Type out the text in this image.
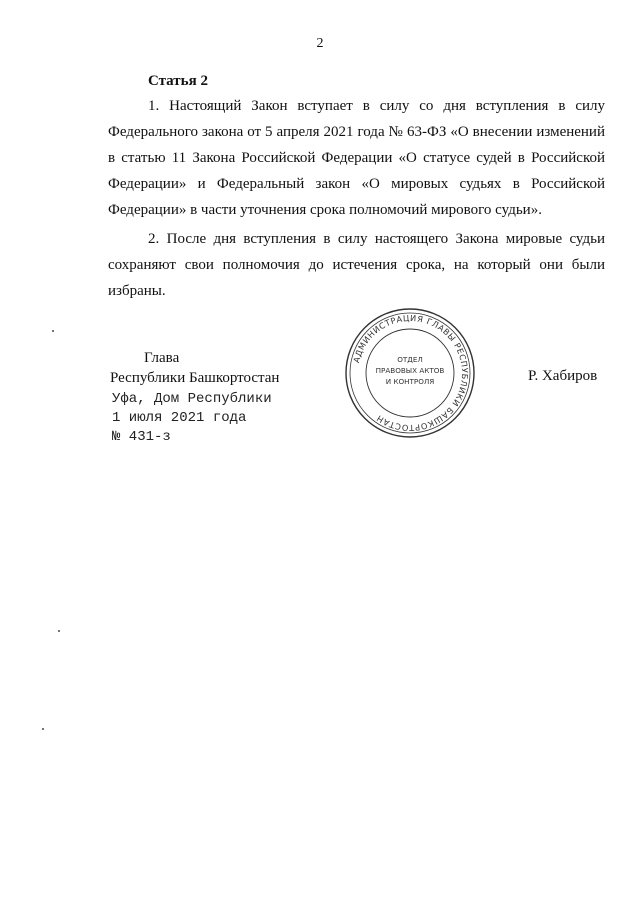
2
Статья 2

1. Настоящий Закон вступает в силу со дня вступления в силу Федерального закона от 5 апреля 2021 года № 63-ФЗ «О внесении изменений в статью 11 Закона Российской Федерации «О статусе судей в Российской Федерации» и Федеральный закон «О мировых судьях в Российской Федерации» в части уточнения срока полномочий мирового судьи».

2. После дня вступления в силу настоящего Закона мировые судьи сохраняют свои полномочия до истечения срока, на который они были избраны.

Глава
Республики Башкортостан
АДМИНИСТРАЦИЯ ГЛАВЫ РЕСПУБЛИКИ БАШКОРТОСТАН
ОТДЕЛ
ПРАВОВЫХ АКТОВ
И КОНТРОЛЯ	Р. Хабиров
Уфа, Дом Республики
1 июля 2021 года
№ 431-з
